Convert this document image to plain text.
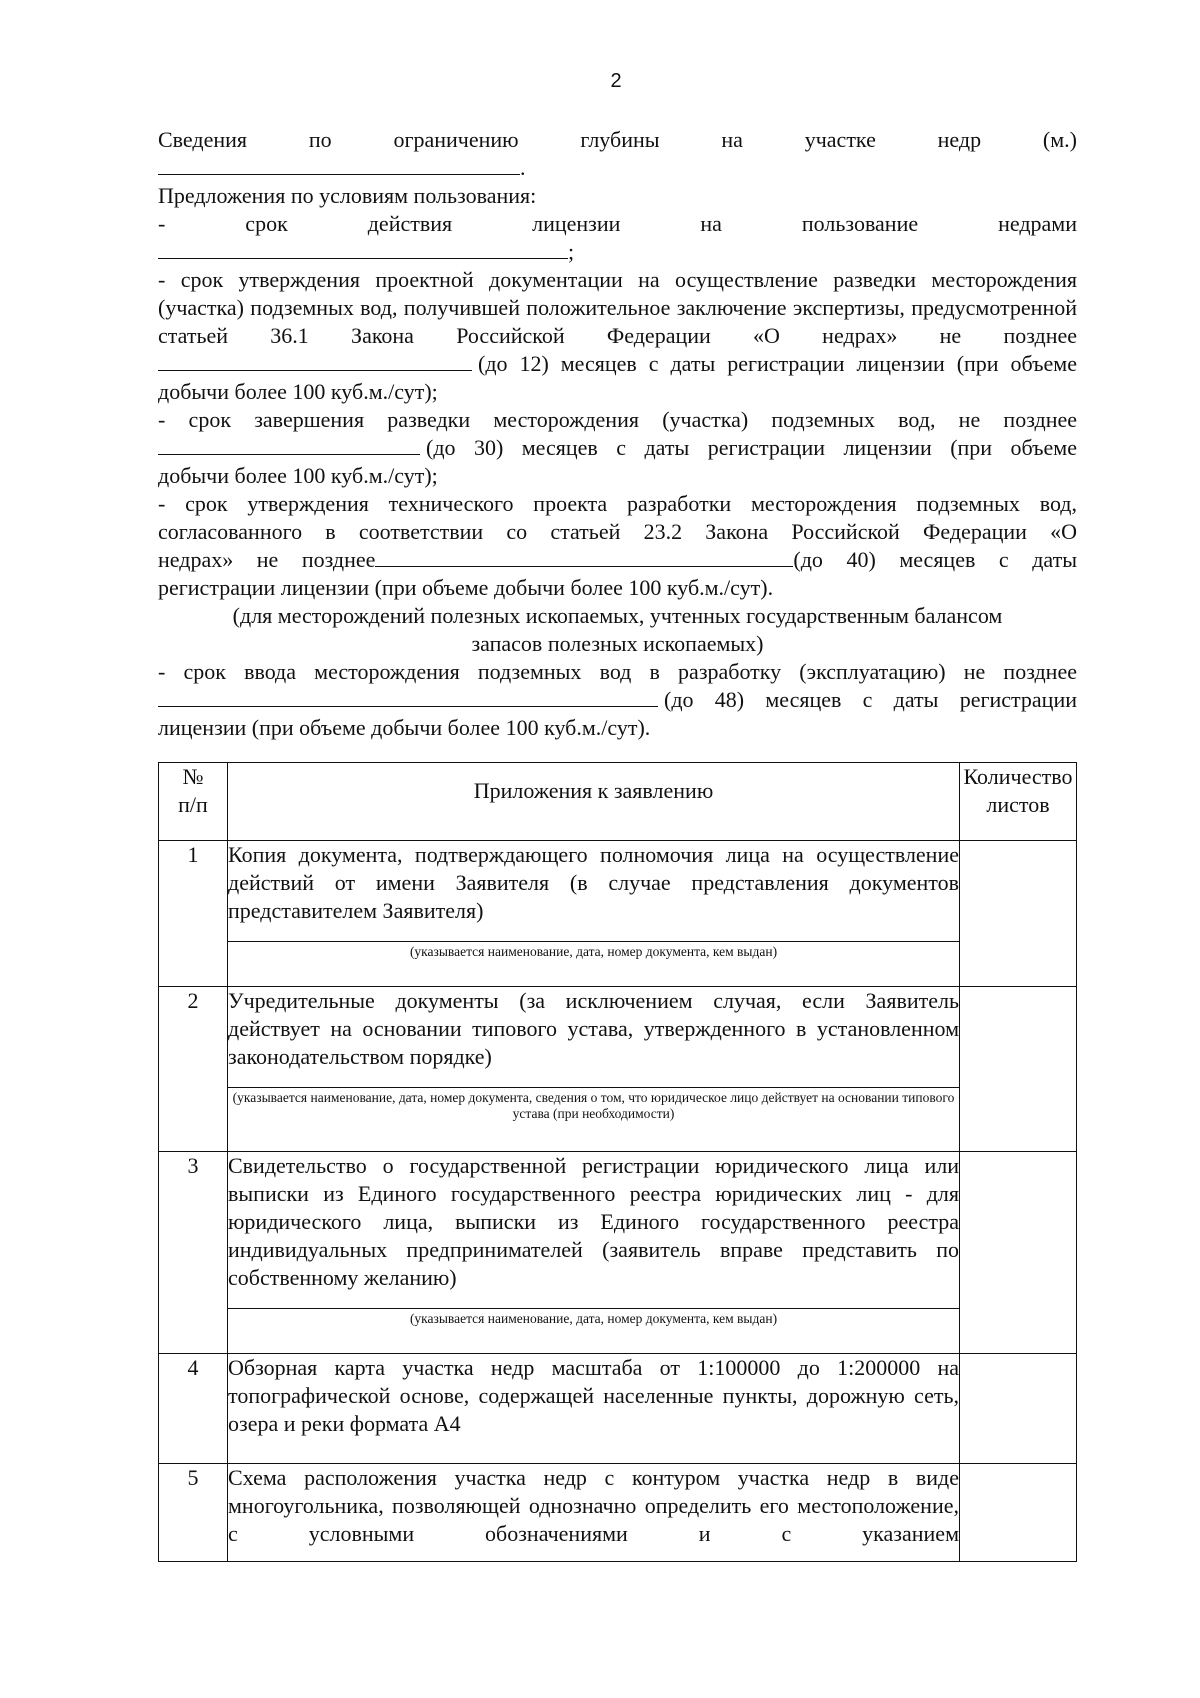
2
Сведения по ограничению глубины на участке недр (м.)
.
Предложения по условиям пользования:
- срок действия лицензии на пользование недрами
;
- срок утверждения проектной документации на осуществление разведки месторождения (участка) подземных вод, получившей положительное заключение экспертизы, предусмотренной статьей 36.1 Закона Российской Федерации «О недрах» не позднее
(до 12) месяцев с даты регистрации лицензии (при объеме
добычи более 100 куб.м./сут);
- срок завершения разведки месторождения (участка) подземных вод, не позднее
(до 30) месяцев с даты регистрации лицензии (при объеме
добычи более 100 куб.м./сут);
- срок утверждения технического проекта разработки месторождения подземных вод, согласованного в соответствии со статьей 23.2 Закона Российской Федерации «О
недрах» не позднее	(до 40) месяцев с даты
регистрации лицензии (при объеме добычи более 100 куб.м./сут).
(для месторождений полезных ископаемых, учтенных государственным балансом
запасов полезных ископаемых)
- срок ввода месторождения подземных вод в разработку (эксплуатацию) не позднее
(до 48) месяцев с даты регистрации
лицензии (при объеме добычи более 100 куб.м./сут).
№ п/п	Приложения к заявлению	Количество листов
1	Копия документа, подтверждающего полномочия лица на осуществление действий от имени Заявителя (в случае представления документов представителем Заявителя)
(указывается наименование, дата, номер документа, кем выдан)	

2	Учредительные документы (за исключением случая, если Заявитель действует на основании типового устава, утвержденного в установленном законодательством порядке)
(указывается наименование, дата, номер документа, сведения о том, что юридическое лицо действует на основании типового устава (при необходимости)	

3	Свидетельство о государственной регистрации юридического лица или выписки из Единого государственного реестра юридических лиц - для юридического лица, выписки из Единого государственного реестра индивидуальных предпринимателей (заявитель вправе представить по собственному желанию)
(указывается наименование, дата, номер документа, кем выдан)	

4	Обзорная карта участка недр масштаба от 1:100000 до 1:200000 на топографической основе, содержащей населенные пункты, дорожную сеть, озера и реки формата А4	

5	Схема расположения участка недр с контуром участка недр в виде многоугольника, позволяющей однозначно определить его местоположение, с условными обозначениями и с указанием	
